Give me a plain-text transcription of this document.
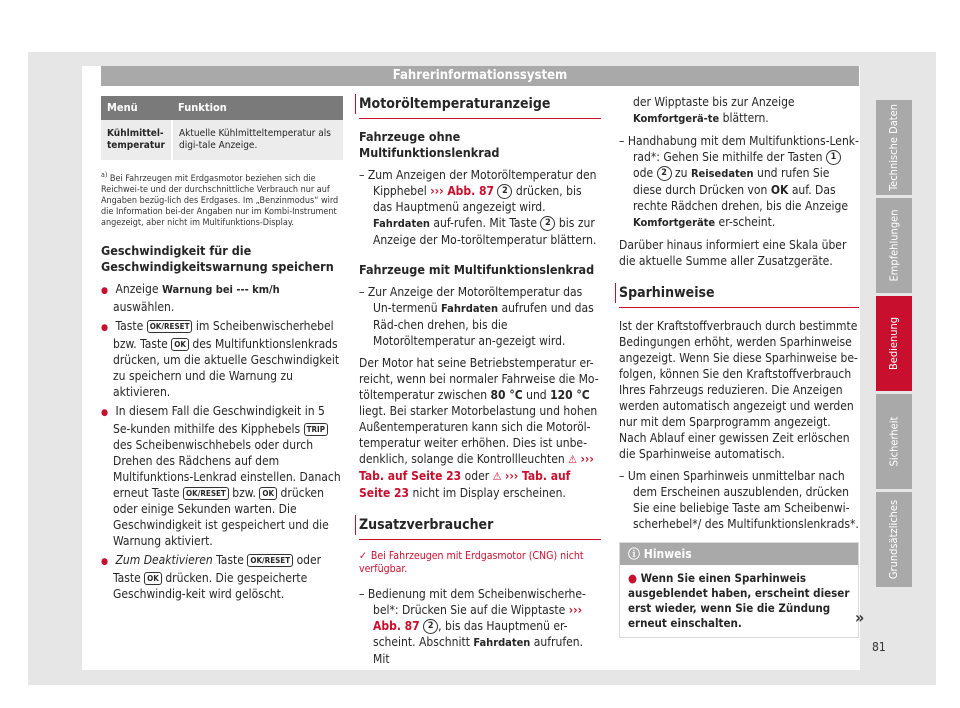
Fahrerinformationssystem
Technische Daten
Empfehlungen
Bedienung
Sicherheit
Grundsätzliches
Menü	Funktion
Kühlmittel-temperatur	Aktuelle Kühlmitteltemperatur als digi-tale Anzeige.
$^{a)}$ Bei Fahrzeugen mit Erdgasmotor beziehen sich die Reichwei-te und der durchschnittliche Verbrauch nur auf Angaben bezüg-lich des Erdgases. Im „Benzinmodus“ wird die Information bei-der Angaben nur im Kombi-Instrument angezeigt, aber nicht im Multifunktions-Display.
Geschwindigkeit für die Geschwindigkeitswarnung speichern
● Anzeige Warnung bei --- km/h auswählen.
● Taste OK/RESET im Scheibenwischerhebel bzw. Taste OK des Multifunktionslenkrads drücken, um die aktuelle Geschwindigkeit zu speichern und die Warnung zu aktivieren.
● In diesem Fall die Geschwindigkeit in 5 Se-kunden mithilfe des Kipphebels TRIP des Scheibenwischhebels oder durch Drehen des Rädchens auf dem Multifunktions-Lenkrad einstellen. Danach erneut Taste OK/RESET bzw. OK drücken oder einige Sekunden warten. Die Geschwindigkeit ist gespeichert und die Warnung aktiviert.
● Zum Deaktivieren Taste OK/RESET oder Taste OK drücken. Die gespeicherte Geschwindig-keit wird gelöscht.
Motoröltemperaturanzeige
Fahrzeuge ohne Multifunktionslenkrad
– Zum Anzeigen der Motoröltemperatur den Kipphebel ››› Abb. 87 2 drücken, bis das Hauptmenü angezeigt wird. Fahrdaten auf-rufen. Mit Taste 2 bis zur Anzeige der Mo-toröltemperatur blättern.
Fahrzeuge mit Multifunktionslenkrad
– Zur Anzeige der Motoröltemperatur das Un-termenü Fahrdaten aufrufen und das Räd-chen drehen, bis die Motoröltemperatur an-gezeigt wird.

Der Motor hat seine Betriebstemperatur er-reicht, wenn bei normaler Fahrweise die Mo-töltemperatur zwischen 80 °C und 120 °C liegt. Bei starker Motorbelastung und hohen Außentemperaturen kann sich die Motoröl-temperatur weiter erhöhen. Dies ist unbe-denklich, solange die Kontrollleuchten ⚠ ››› Tab. auf Seite 23 oder ⚠ ››› Tab. auf Seite 23 nicht im Display erscheinen.

Zusatzverbraucher
✓ Bei Fahrzeugen mit Erdgasmotor (CNG) nicht verfügbar.
– Bedienung mit dem Scheibenwischerhe-bel*: Drücken Sie auf die Wipptaste ››› Abb. 87 2 , bis das Hauptmenü er-scheint. Abschnitt Fahrdaten aufrufen. Mit

der Wipptaste bis zur Anzeige Komfortgerä-te blättern.

– Handhabung mit dem Multifunktions-Lenk-rad*: Gehen Sie mithilfe der Tasten 1 ode 2 zu Reisedaten und rufen Sie diese durch Drücken von OK auf. Das rechte Rädchen drehen, bis die Anzeige Komfortgeräte er-scheint.

Darüber hinaus informiert eine Skala über die aktuelle Summe aller Zusatzgeräte.

Sparhinweise

Ist der Kraftstoffverbrauch durch bestimmte Bedingungen erhöht, werden Sparhinweise angezeigt. Wenn Sie diese Sparhinweise be-folgen, können Sie den Kraftstoffverbrauch Ihres Fahrzeugs reduzieren. Die Anzeigen werden automatisch angezeigt und werden nur mit dem Sparprogramm angezeigt. Nach Ablauf einer gewissen Zeit erlöschen die Sparhinweise automatisch.

– Um einen Sparhinweis unmittelbar nach dem Erscheinen auszublenden, drücken Sie eine beliebige Taste am Scheibenwi-scherhebel*/ des Multifunktionslenkrads*.
ⓘ Hinweis
● Wenn Sie einen Sparhinweis ausgeblendet haben, erscheint dieser erst wieder, wenn Sie die Zündung erneut einschalten.	»
81
